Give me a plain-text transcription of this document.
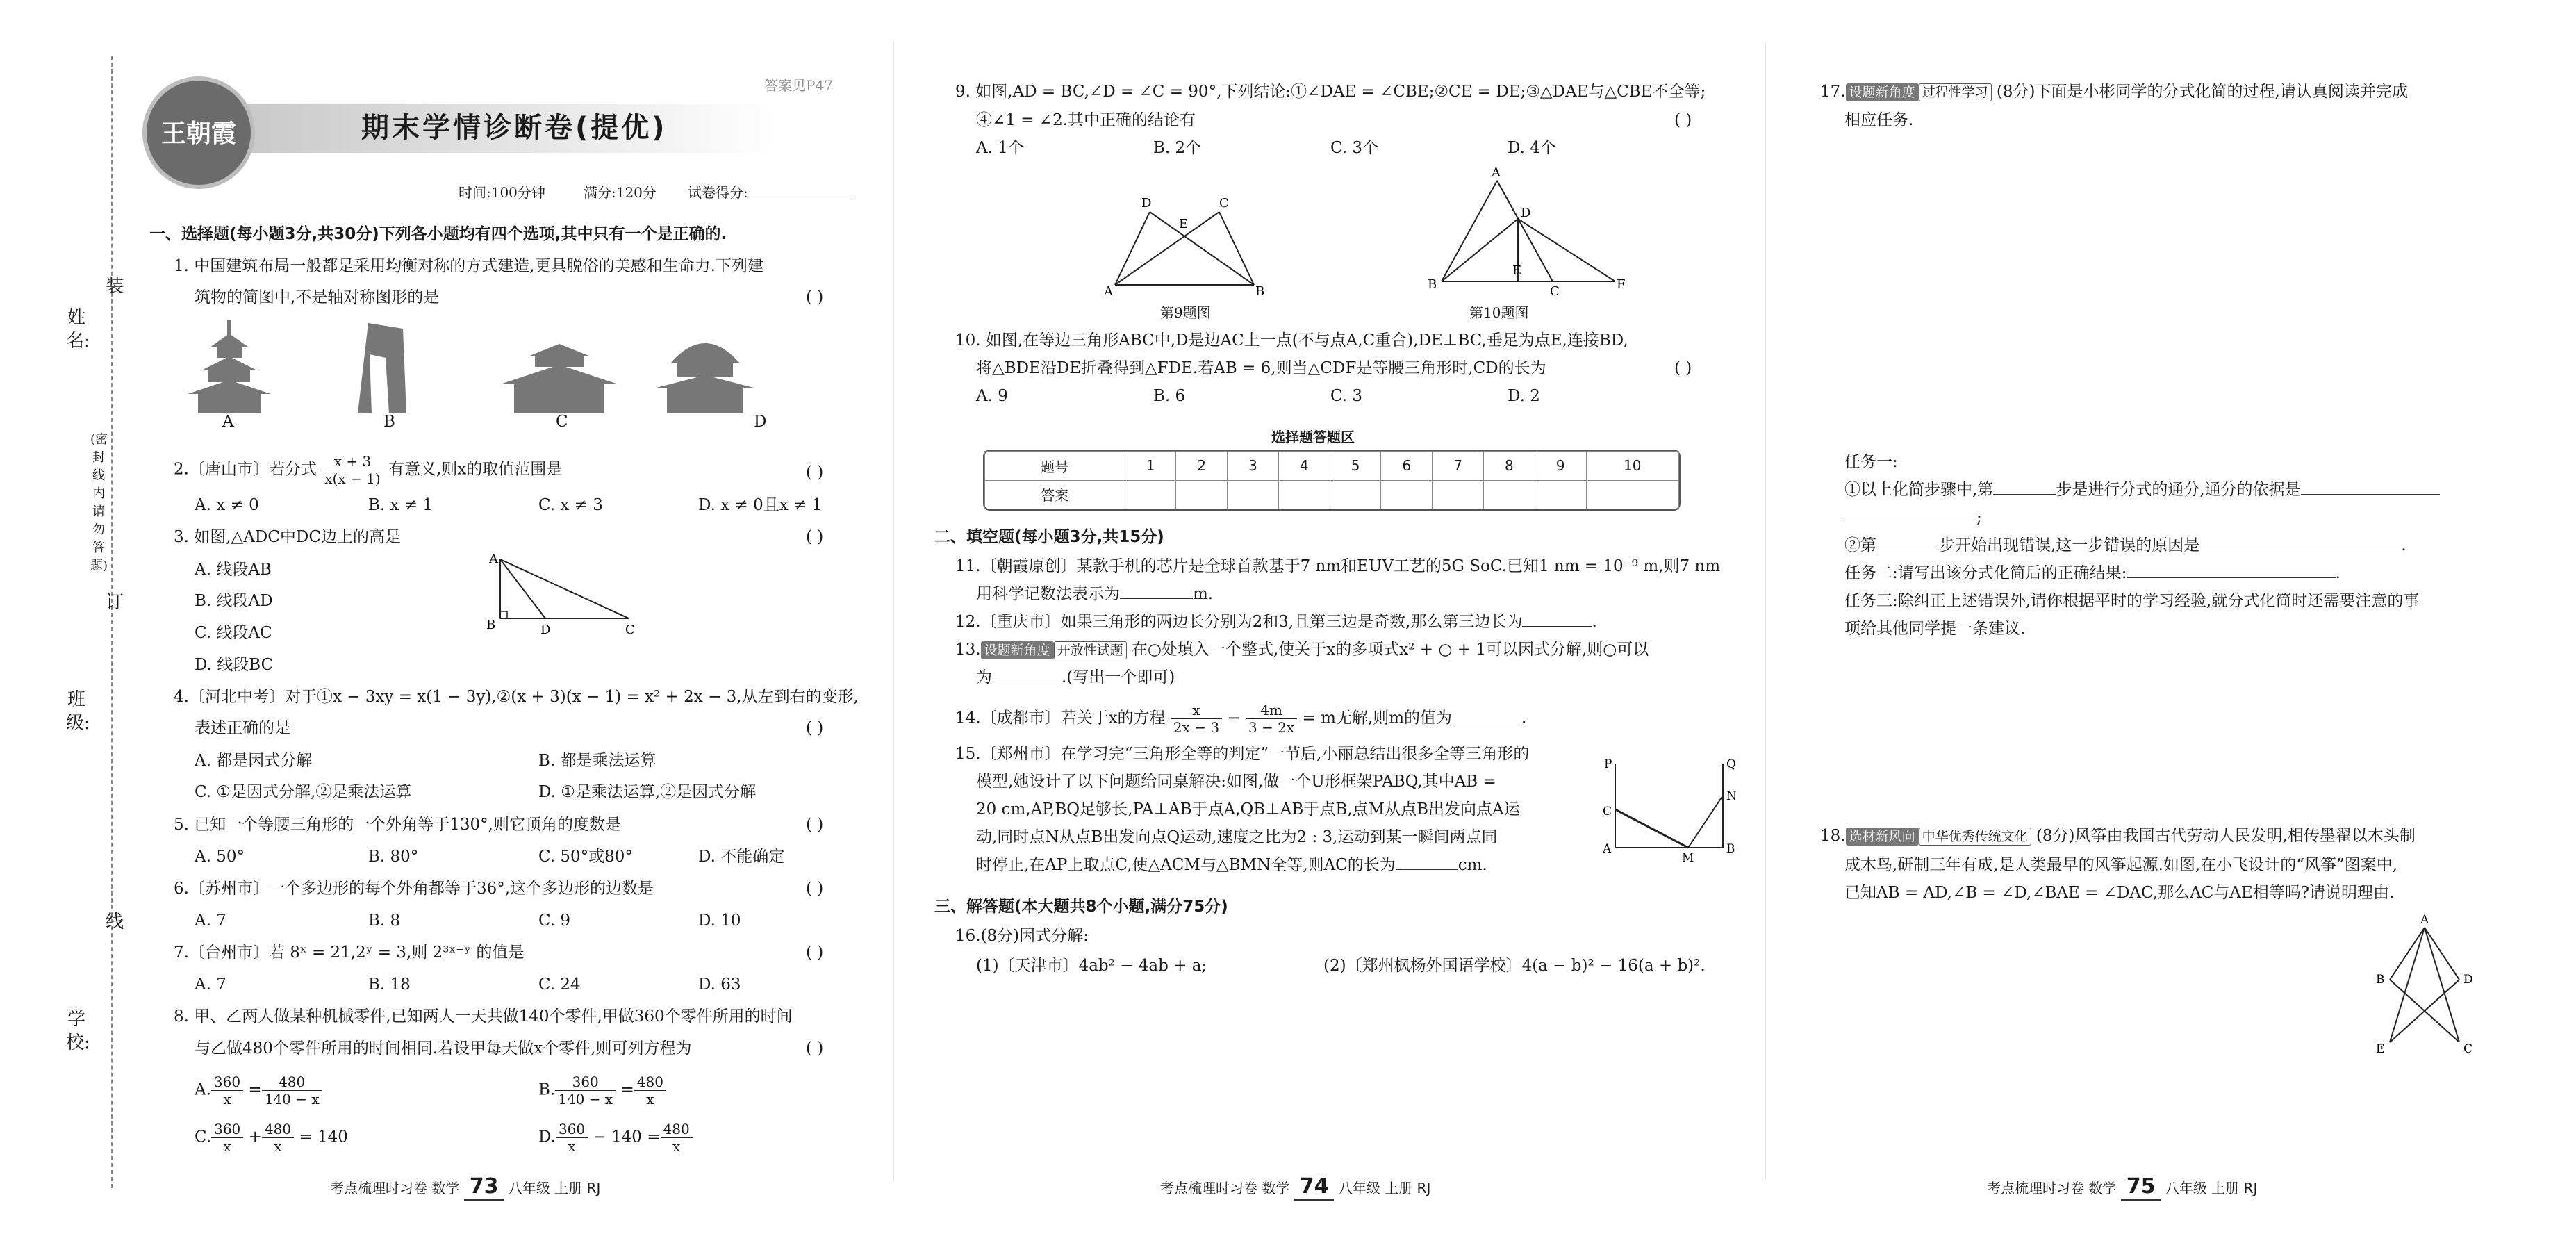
学校:
班级:
姓名:
(密封线内请勿答题)
装
订
线
王朝霞	期末学情诊断卷(提优)
答案见P47
时间:100分钟	满分:120分 试卷得分:
一、选择题(每小题3分,共30分)下列各小题均有四个选项,其中只有一个是正确的.
1. 中国建筑布局一般都是采用均衡对称的方式建造,更具脱俗的美感和生命力.下列建
筑物的简图中,不是轴对称图形的是	( )
A	B	C	D
2.〔唐山市〕若分式 $\frac{x + 3}{x(x - 1)}$ 有意义,则x的取值范围是	( )
A. x ≠ 0	B. x ≠ 1	C. x ≠ 3	D. x ≠ 0且x ≠ 1
3. 如图,△ADC中DC边上的高是	( )
A. 线段AB
B. 线段AD
C. 线段AC
D. 线段BC
A
B	D	C
4.〔河北中考〕对于①x − 3xy = x(1 − 3y),②(x + 3)(x − 1) = x² + 2x − 3,从左到右的变形,
表述正确的是	( )
A. 都是因式分解	B. 都是乘法运算
C. ①是因式分解,②是乘法运算	D. ①是乘法运算,②是因式分解
5. 已知一个等腰三角形的一个外角等于130°,则它顶角的度数是	( )
A. 50°	B. 80°	C. 50°或80°	D. 不能确定
6.〔苏州市〕一个多边形的每个外角都等于36°,这个多边形的边数是	( )
A. 7	B. 8	C. 9	D. 10
7.〔台州市〕若 8ˣ = 21,2ʸ = 3,则 2³ˣ⁻ʸ 的值是	( )
A. 7	B. 18	C. 24	D. 63
8. 甲、乙两人做某种机械零件,已知两人一天共做140个零件,甲做360个零件所用的时间
与乙做480个零件所用的时间相同.若设甲每天做x个零件,则可列方程为	( )
A. $\frac{360}{x} = \frac{480}{140 - x}$	B. $\frac{360}{140 - x} = \frac{480}{x}$
C. $\frac{360}{x} + \frac{480}{x} = 140$	D. $\frac{360}{x} - 140 = \frac{480}{x}$
考点梳理时习卷 数学 73 八年级 上册 RJ
9. 如图,AD = BC,∠D = ∠C = 90°,下列结论:①∠DAE = ∠CBE;②CE = DE;③△DAE与△CBE不全等;
④∠1 = ∠2.其中正确的结论有	( )
A. 1个	B. 2个	C. 3个	D. 4个
D	C
E
A	B
第9题图
A
D
B
E
C	F
第10题图
10. 如图,在等边三角形ABC中,D是边AC上一点(不与点A,C重合),DE⊥BC,垂足为点E,连接BD,
将△BDE沿DE折叠得到△FDE.若AB = 6,则当△CDF是等腰三角形时,CD的长为	( )
A. 9	B. 6	C. 3	D. 2
选择题答题区
题号	1	2	3	4	5	6	7	8	9	10
答案										
二、填空题(每小题3分,共15分)
11.〔朝霞原创〕某款手机的芯片是全球首款基于7 nm和EUV工艺的5G SoC.已知1 nm = 10⁻⁹ m,则7 nm
用科学记数法表示为	m.
12.〔重庆市〕如果三角形的两边长分别为2和3,且第三边是奇数,那么第三边长为	.
13. 设题新角度 开放性试题 在○处填入一个整式,使关于x的多项式x² + ○ + 1可以因式分解,则○可以
为	.(写出一个即可)
14.〔成都市〕若关于x的方程 $\frac{x}{2x - 3} - \frac{4m}{3 - 2x} = m$无解,则m的值为	.
15.〔郑州市〕在学习完“三角形全等的判定”一节后,小丽总结出很多全等三角形的
模型,她设计了以下问题给同桌解决:如图,做一个U形框架PABQ,其中AB =
20 cm,AP,BQ足够长,PA⊥AB于点A,QB⊥AB于点B,点M从点B出发向点A运
动,同时点N从点B出发向点Q运动,速度之比为2 : 3,运动到某一瞬间两点同
时停止,在AP上取点C,使△ACM与△BMN全等,则AC的长为	cm.
P	Q
C
N
A
M
B
三、解答题(本大题共8个小题,满分75分)
16.(8分)因式分解:
(1)〔天津市〕4ab² − 4ab + a;	(2)〔郑州枫杨外国语学校〕4(a − b)² − 16(a + b)².
考点梳理时习卷 数学 74 八年级 上册 RJ
17. 设题新角度 过程性学习 (8分)下面是小彬同学的分式化简的过程,请认真阅读并完成
相应任务.

任务一:
①以上化简步骤中,第	步是进行分式的通分,通分的依据是
;
②第	步开始出现错误,这一步错误的原因是	.
任务二:请写出该分式化简后的正确结果:	.
任务三:除纠正上述错误外,请你根据平时的学习经验,就分式化简时还需要注意的事
项给其他同学提一条建议.
18. 选材新风向 中华优秀传统文化 (8分)风筝由我国古代劳动人民发明,相传墨翟以木头制
成木鸟,研制三年有成,是人类最早的风筝起源.如图,在小飞设计的“风筝”图案中,
已知AB = AD,∠B = ∠D,∠BAE = ∠DAC,那么AC与AE相等吗?请说明理由.
A
B	D
E	C
考点梳理时习卷 数学 75 八年级 上册 RJ
